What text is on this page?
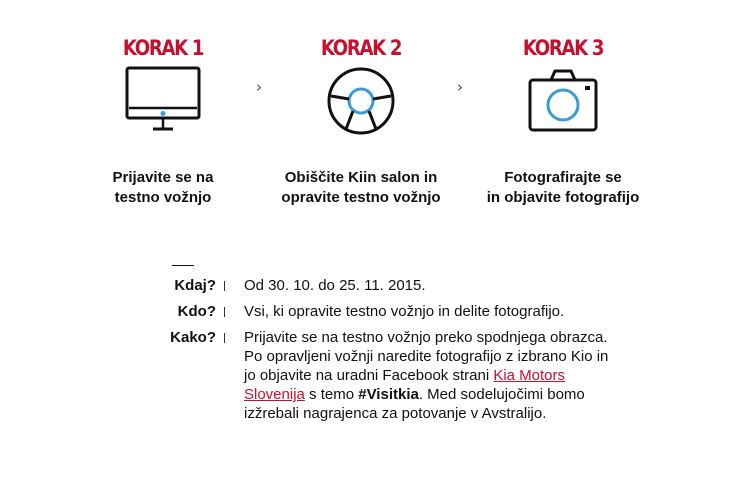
KORAK 1
Prijavite se na
testno vožnjo
›
KORAK 2
Obiščite Kiin salon in
opravite testno vožnjo
›
KORAK 3
Fotografirajte se
in objavite fotografijo
Kdaj? Od 30. 10. do 25. 11. 2015.
Kdo? Vsi, ki opravite testno vožnjo in delite fotografijo.
Kako? Prijavite se na testno vožnjo preko spodnjega obrazca. Po opravljeni vožnji naredite fotografijo z izbrano Kio in jo objavite na uradni Facebook strani Kia Motors Slovenija s temo #Visitkia. Med sodelujočimi bomo izžrebali nagrajenca za potovanje v Avstralijo.
